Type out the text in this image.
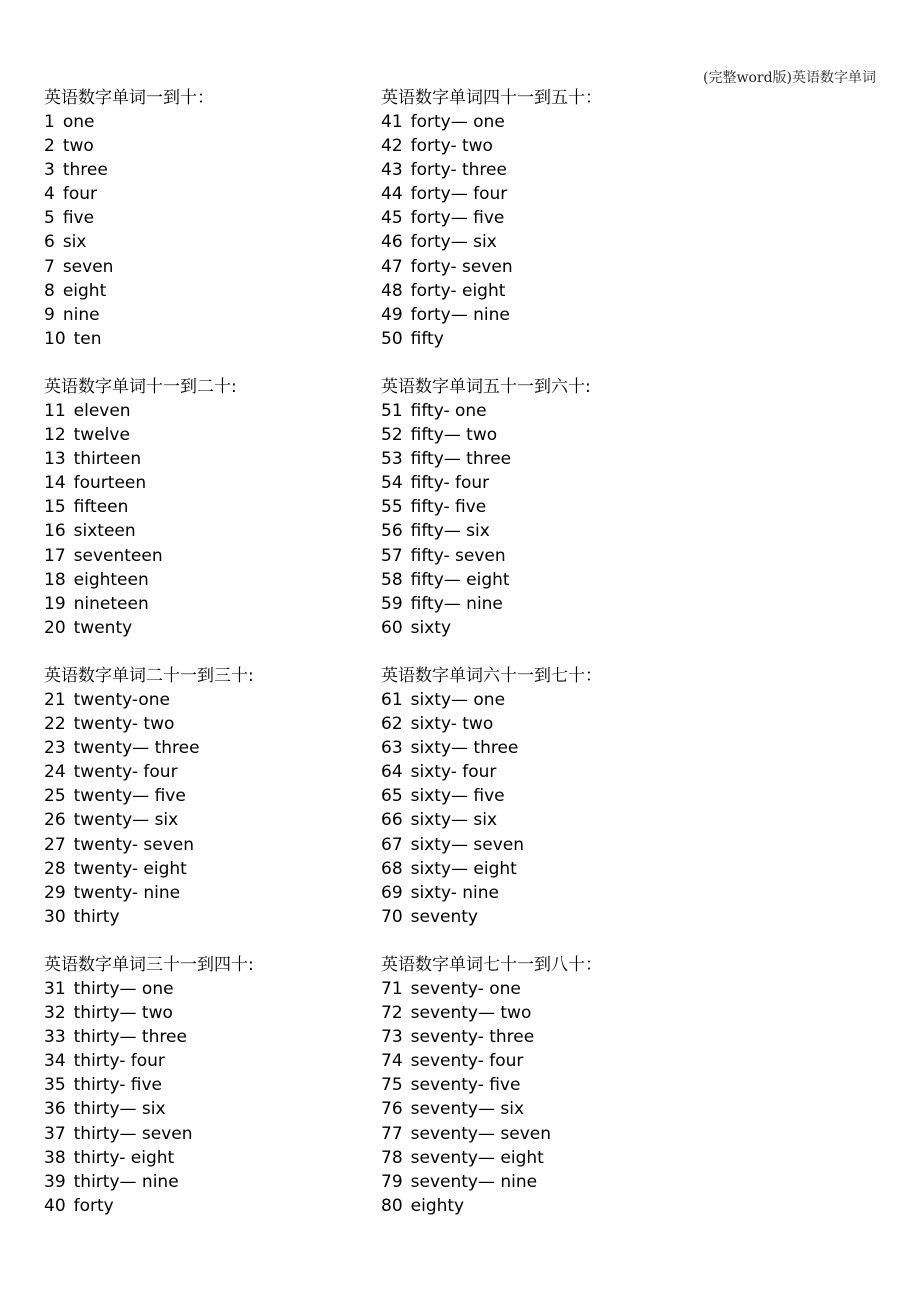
(完整word版)英语数字单词
英语数字单词一到十：
1 one
2 two
3 three
4 four
5 five
6 six
7 seven
8 eight
9 nine
10 ten
英语数字单词十一到二十:
11 eleven
12 twelve
13 thirteen
14 fourteen
15 fifteen
16 sixteen
17 seventeen
18 eighteen
19 nineteen
20 twenty
英语数字单词二十一到三十:
21 twenty-one
22 twenty- two
23 twenty— three
24 twenty- four
25 twenty— five
26 twenty— six
27 twenty- seven
28 twenty- eight
29 twenty- nine
30 thirty
英语数字单词三十一到四十:
31 thirty— one
32 thirty— two
33 thirty— three
34 thirty- four
35 thirty- five
36 thirty— six
37 thirty— seven
38 thirty- eight
39 thirty— nine
40 forty
英语数字单词四十一到五十：
41 forty— one
42 forty- two
43 forty- three
44 forty— four
45 forty— five
46 forty— six
47 forty- seven
48 forty- eight
49 forty— nine
50 fifty
英语数字单词五十一到六十:
51 fifty- one
52 fifty— two
53 fifty— three
54 fifty- four
55 fifty- five
56 fifty— six
57 fifty- seven
58 fifty— eight
59 fifty— nine
60 sixty
英语数字单词六十一到七十：
61 sixty— one
62 sixty- two
63 sixty— three
64 sixty- four
65 sixty— five
66 sixty— six
67 sixty— seven
68 sixty— eight
69 sixty- nine
70 seventy
英语数字单词七十一到八十：
71 seventy- one
72 seventy— two
73 seventy- three
74 seventy- four
75 seventy- five
76 seventy— six
77 seventy— seven
78 seventy— eight
79 seventy— nine
80 eighty
